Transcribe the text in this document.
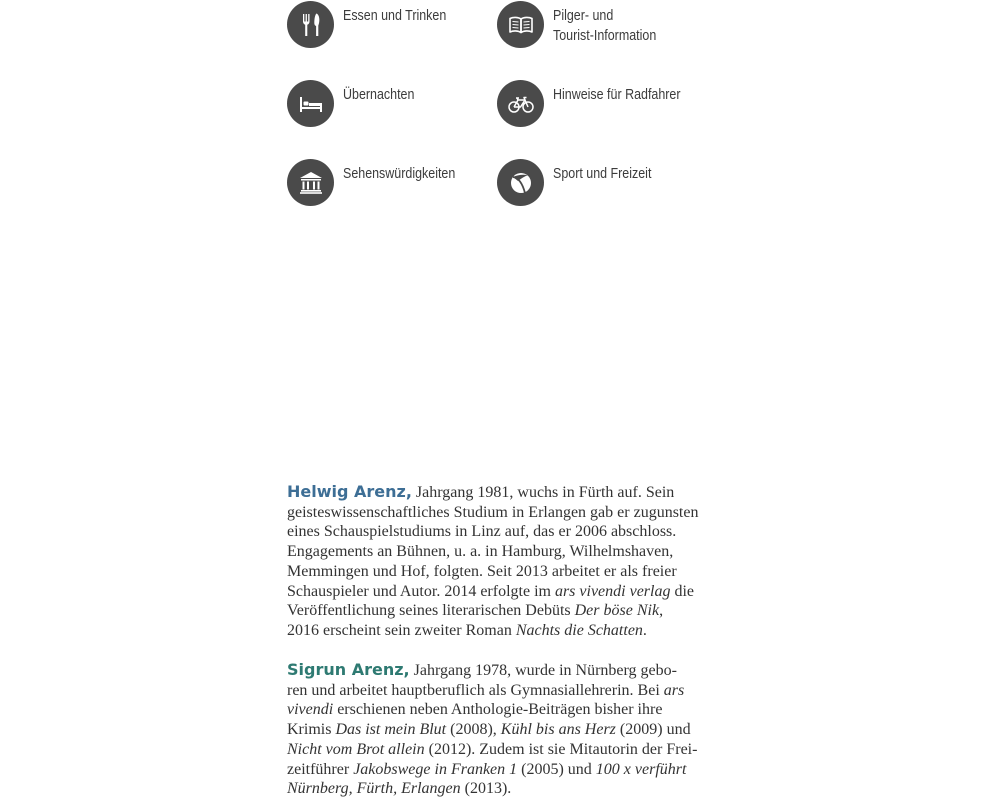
Essen und Trinken	Pilger- und
Tourist-Information
Übernachten	Hinweise für Radfahrer
Sehenswürdigkeiten	Sport und Freizeit
Helwig Arenz, Jahrgang 1981, wuchs in Fürth auf. Sein
geisteswissenschaftliches Studium in Erlangen gab er zugunsten
eines Schauspielstudiums in Linz auf, das er 2006 abschloss.
Engagements an Bühnen, u. a. in Hamburg, Wilhelmshaven,
Memmingen und Hof, folgten. Seit 2013 arbeitet er als freier
Schauspieler und Autor. 2014 erfolgte im ars vivendi verlag die
Veröffentlichung seines literarischen Debüts Der böse Nik,
2016 erscheint sein zweiter Roman Nachts die Schatten.
Sigrun Arenz, Jahrgang 1978, wurde in Nürnberg gebo-
ren und arbeitet hauptberuflich als Gymnasiallehrerin. Bei ars
vivendi erschienen neben Anthologie-Beiträgen bisher ihre
Krimis Das ist mein Blut (2008), Kühl bis ans Herz (2009) und
Nicht vom Brot allein (2012). Zudem ist sie Mitautorin der Frei-
zeitführer Jakobswege in Franken 1 (2005) und 100 x verführt
Nürnberg, Fürth, Erlangen (2013).
